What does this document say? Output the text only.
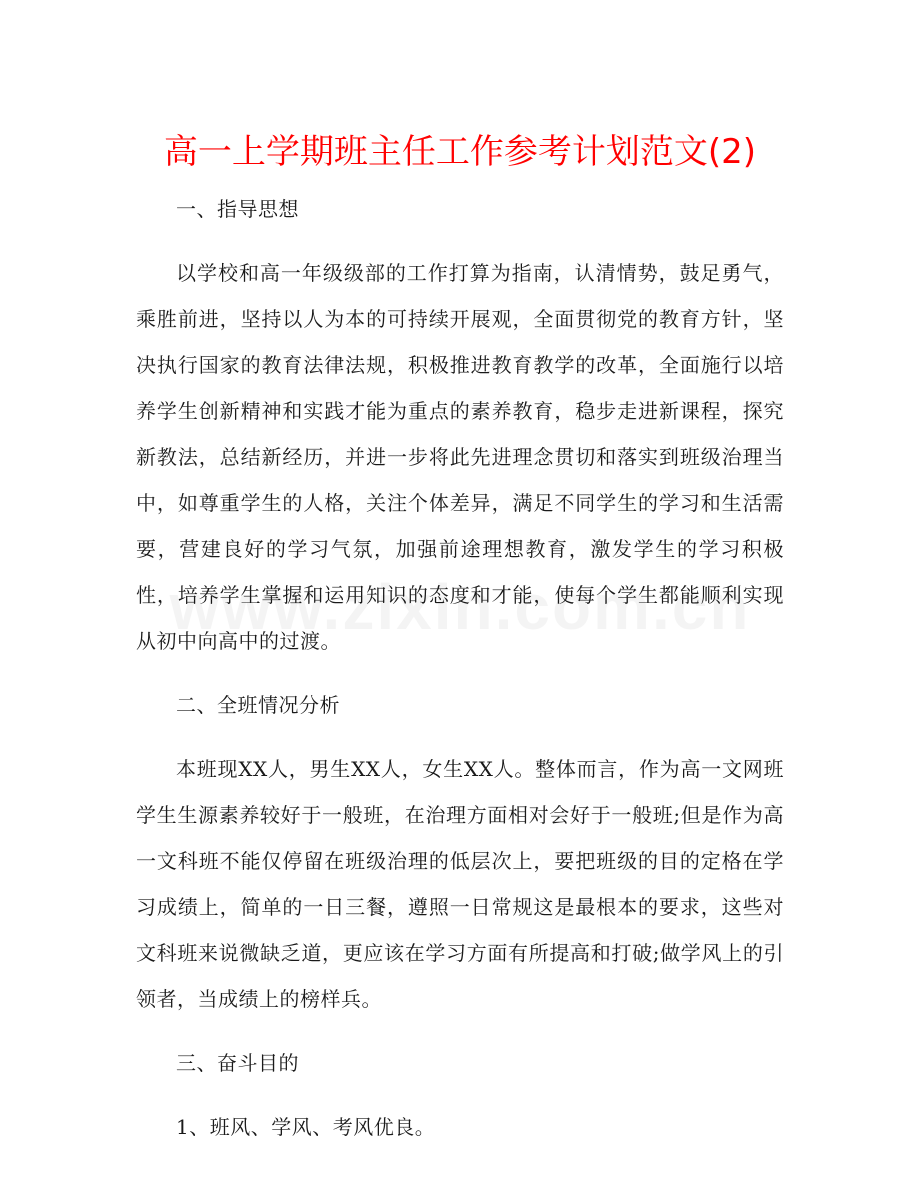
高一上学期班主任工作参考计划范文(2)

一、指导思想

以学校和高一年级级部的工作打算为指南，认清情势，鼓足勇气，乘胜前进，坚持以人为本的可持续开展观，全面贯彻党的教育方针，坚决执行国家的教育法律法规，积极推进教育教学的改革，全面施行以培养学生创新精神和实践才能为重点的素养教育，稳步走进新课程，探究新教法，总结新经历，并进一步将此先进理念贯切和落实到班级治理当中，如尊重学生的人格，关注个体差异，满足不同学生的学习和生活需要，营建良好的学习气氛，加强前途理想教育，激发学生的学习积极性，培养学生掌握和运用知识的态度和才能，使每个学生都能顺利实现从初中向高中的过渡。

二、全班情况分析

本班现XX人，男生XX人，女生XX人。整体而言，作为高一文网班学生生源素养较好于一般班，在治理方面相对会好于一般班;但是作为高一文科班不能仅停留在班级治理的低层次上，要把班级的目的定格在学习成绩上，简单的一日三餐，遵照一日常规这是最根本的要求，这些对文科班来说微缺乏道，更应该在学习方面有所提高和打破;做学风上的引领者，当成绩上的榜样兵。

三、奋斗目的

1、班风、学风、考风优良。
